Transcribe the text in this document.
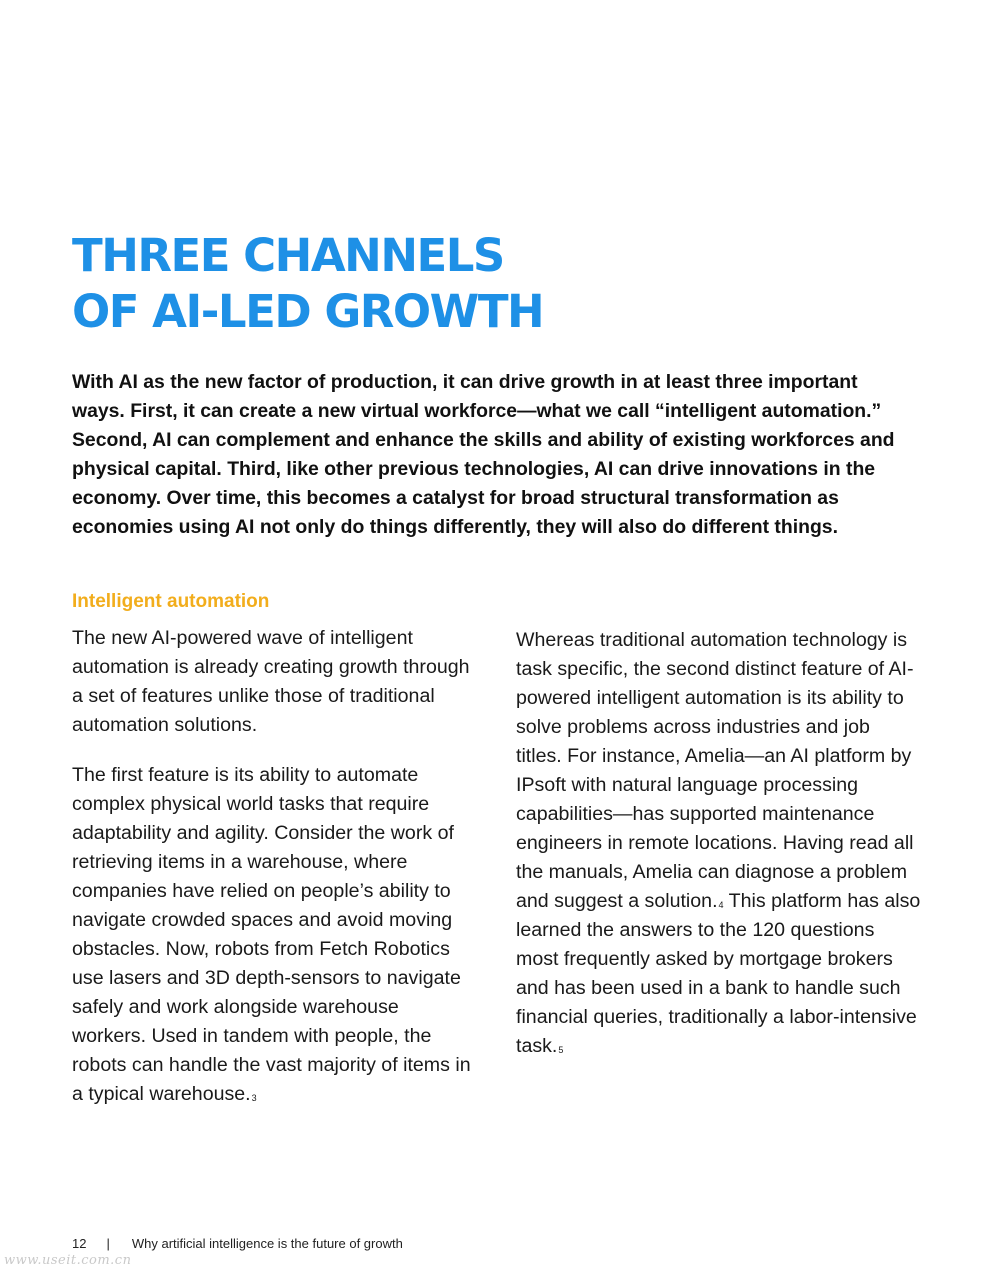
THREE CHANNELS
OF AI-LED GROWTH

With AI as the new factor of production, it can drive growth in at least three important ways. First, it can create a new virtual workforce—what we call “intelligent automation.” Second, AI can complement and enhance the skills and ability of existing workforces and physical capital. Third, like other previous technologies, AI can drive innovations in the economy. Over time, this becomes a catalyst for broad structural transformation as economies using AI not only do things differently, they will also do different things.

Intelligent automation

The new AI-powered wave of intelligent automation is already creating growth through a set of features unlike those of traditional automation solutions.

The first feature is its ability to automate complex physical world tasks that require adaptability and agility. Consider the work of retrieving items in a warehouse, where companies have relied on people’s ability to navigate crowded spaces and avoid moving obstacles. Now, robots from Fetch Robotics use lasers and 3D depth-sensors to navigate safely and work alongside warehouse workers. Used in tandem with people, the robots can handle the vast majority of items in a typical warehouse.$^3$

Whereas traditional automation technology is task specific, the second distinct feature of AI-powered intelligent automation is its ability to solve problems across industries and job titles. For instance, Amelia—an AI platform by IPsoft with natural language processing capabilities—has supported maintenance engineers in remote locations. Having read all the manuals, Amelia can diagnose a problem and suggest a solution.$^4$ This platform has also learned the answers to the 120 questions most frequently asked by mortgage brokers and has been used in a bank to handle such financial queries, traditionally a labor-intensive task.$^5$

12 | Why artificial intelligence is the future of growth
www.useit.com.cn
